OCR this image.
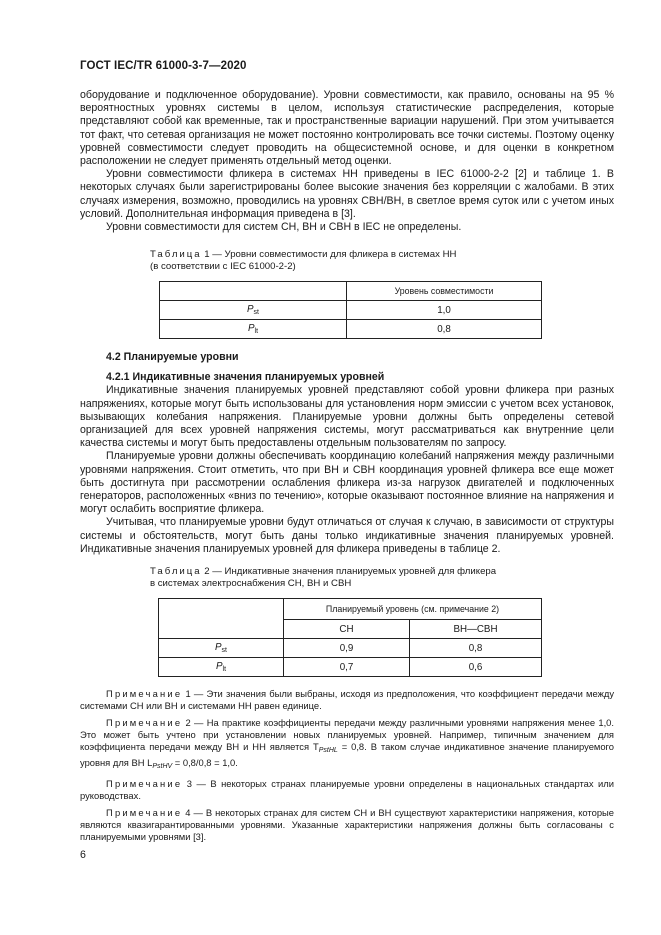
ГОСТ IEC/TR 61000-3-7—2020

оборудование и подключенное оборудование). Уровни совместимости, как правило, основаны на 95 % вероятностных уровнях системы в целом, используя статистические распределения, которые представляют собой как временные, так и пространственные вариации нарушений. При этом учитывается тот факт, что сетевая организация не может постоянно контролировать все точки системы. Поэтому оценку уровней совместимости следует проводить на общесистемной основе, и для оценки в конкретном расположении не следует применять отдельный метод оценки.

Уровни совместимости фликера в системах НН приведены в IEC 61000-2-2 [2] и таблице 1. В некоторых случаях были зарегистрированы более высокие значения без корреляции с жалобами. В этих случаях измерения, возможно, проводились на уровнях СВН/ВН, в светлое время суток или с учетом иных условий. Дополнительная информация приведена в [3].

Уровни совместимости для систем СН, ВН и СВН в IEC не определены.

Таблица 1 — Уровни совместимости для фликера в системах НН
(в соответствии с IEC 61000-2-2)
	Уровень совместимости
$P_{st}$	1,0
$P_{lt}$	0,8

4.2 Планируемые уровни

4.2.1 Индикативные значения планируемых уровней

Индикативные значения планируемых уровней представляют собой уровни фликера при разных напряжениях, которые могут быть использованы для установления норм эмиссии с учетом всех установок, вызывающих колебания напряжения. Планируемые уровни должны быть определены сетевой организацией для всех уровней напряжения системы, могут рассматриваться как внутренние цели качества системы и могут быть предоставлены отдельным пользователям по запросу.

Планируемые уровни должны обеспечивать координацию колебаний напряжения между различными уровнями напряжения. Стоит отметить, что при ВН и СВН координация уровней фликера все еще может быть достигнута при рассмотрении ослабления фликера из-за нагрузок двигателей и подключенных генераторов, расположенных «вниз по течению», которые оказывают постоянное влияние на напряжения и могут ослабить восприятие фликера.

Учитывая, что планируемые уровни будут отличаться от случая к случаю, в зависимости от структуры системы и обстоятельств, могут быть даны только индикативные значения планируемых уровней. Индикативные значения планируемых уровней для фликера приведены в таблице 2.

Таблица 2 — Индикативные значения планируемых уровней для фликера
в системах электроснабжения СН, ВН и СВН
	Планируемый уровень (см. примечание 2)	
	СН	ВН—СВН
$P_{st}$	0,9	0,8
$P_{lt}$	0,7	0,6

Примечание 1 — Эти значения были выбраны, исходя из предположения, что коэффициент передачи между системами СН или ВН и системами НН равен единице.

Примечание 2 — На практике коэффициенты передачи между различными уровнями напряжения менее 1,0. Это может быть учтено при установлении новых планируемых уровней. Например, типичным значением для коэффициента передачи между ВН и НН является $T_{PstHL} = 0,8$. В таком случае индикативное значение планируемого уровня для ВН $L_{PstHV} = 0,8/0,8 = 1,0$.

Примечание 3 — В некоторых странах планируемые уровни определены в национальных стандартах или руководствах.

Примечание 4 — В некоторых странах для систем СН и ВН существуют характеристики напряжения, которые являются квазигарантированными уровнями. Указанные характеристики напряжения должны быть согласованы с планируемыми уровнями [3].

6
